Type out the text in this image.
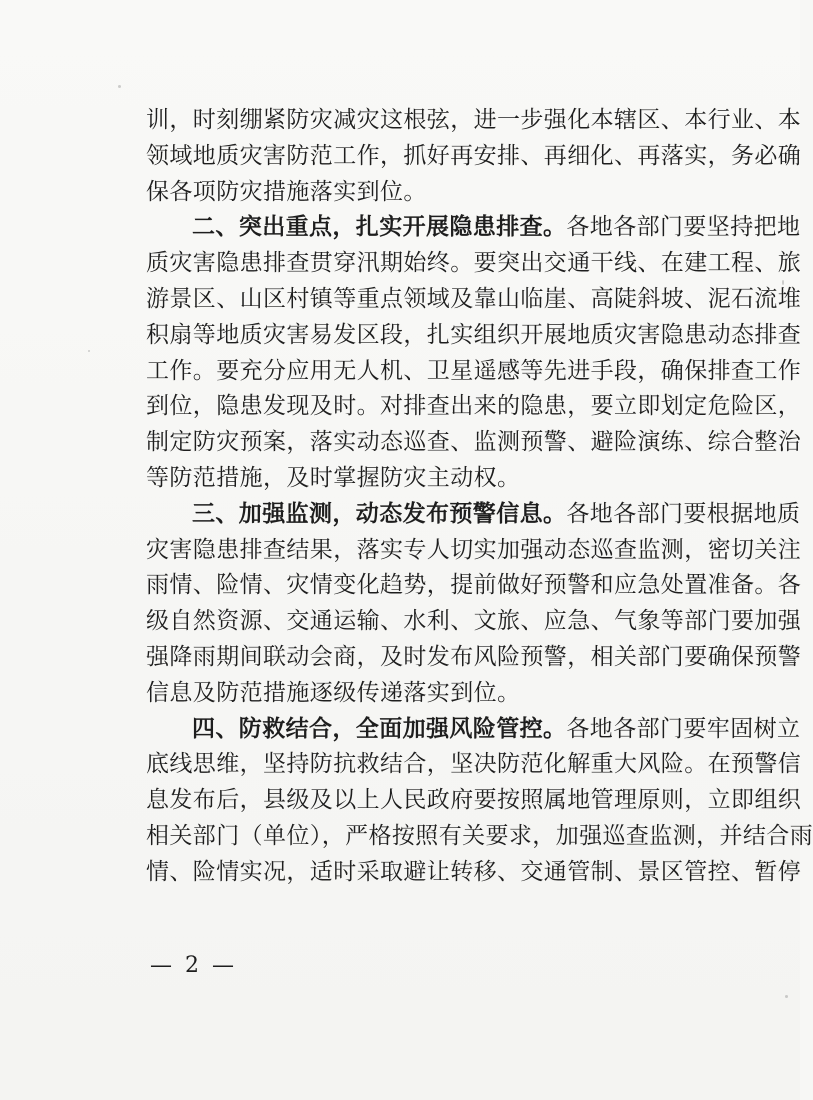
训，时刻绷紧防灾减灾这根弦，进一步强化本辖区、本行业、本
领域地质灾害防范工作，抓好再安排、再细化、再落实，务必确
保各项防灾措施落实到位。
二、突出重点，扎实开展隐患排查。各地各部门要坚持把地
质灾害隐患排查贯穿汛期始终。要突出交通干线、在建工程、旅
游景区、山区村镇等重点领域及靠山临崖、高陡斜坡、泥石流堆
积扇等地质灾害易发区段，扎实组织开展地质灾害隐患动态排查
工作。要充分应用无人机、卫星遥感等先进手段，确保排查工作
到位，隐患发现及时。对排查出来的隐患，要立即划定危险区，
制定防灾预案，落实动态巡查、监测预警、避险演练、综合整治
等防范措施，及时掌握防灾主动权。
三、加强监测，动态发布预警信息。各地各部门要根据地质
灾害隐患排查结果，落实专人切实加强动态巡查监测，密切关注
雨情、险情、灾情变化趋势，提前做好预警和应急处置准备。各
级自然资源、交通运输、水利、文旅、应急、气象等部门要加强
强降雨期间联动会商，及时发布风险预警，相关部门要确保预警
信息及防范措施逐级传递落实到位。
四、防救结合，全面加强风险管控。各地各部门要牢固树立
底线思维，坚持防抗救结合，坚决防范化解重大风险。在预警信
息发布后，县级及以上人民政府要按照属地管理原则，立即组织
相关部门（单位），严格按照有关要求，加强巡查监测，并结合雨
情、险情实况，适时采取避让转移、交通管制、景区管控、暂停
— 2 —
